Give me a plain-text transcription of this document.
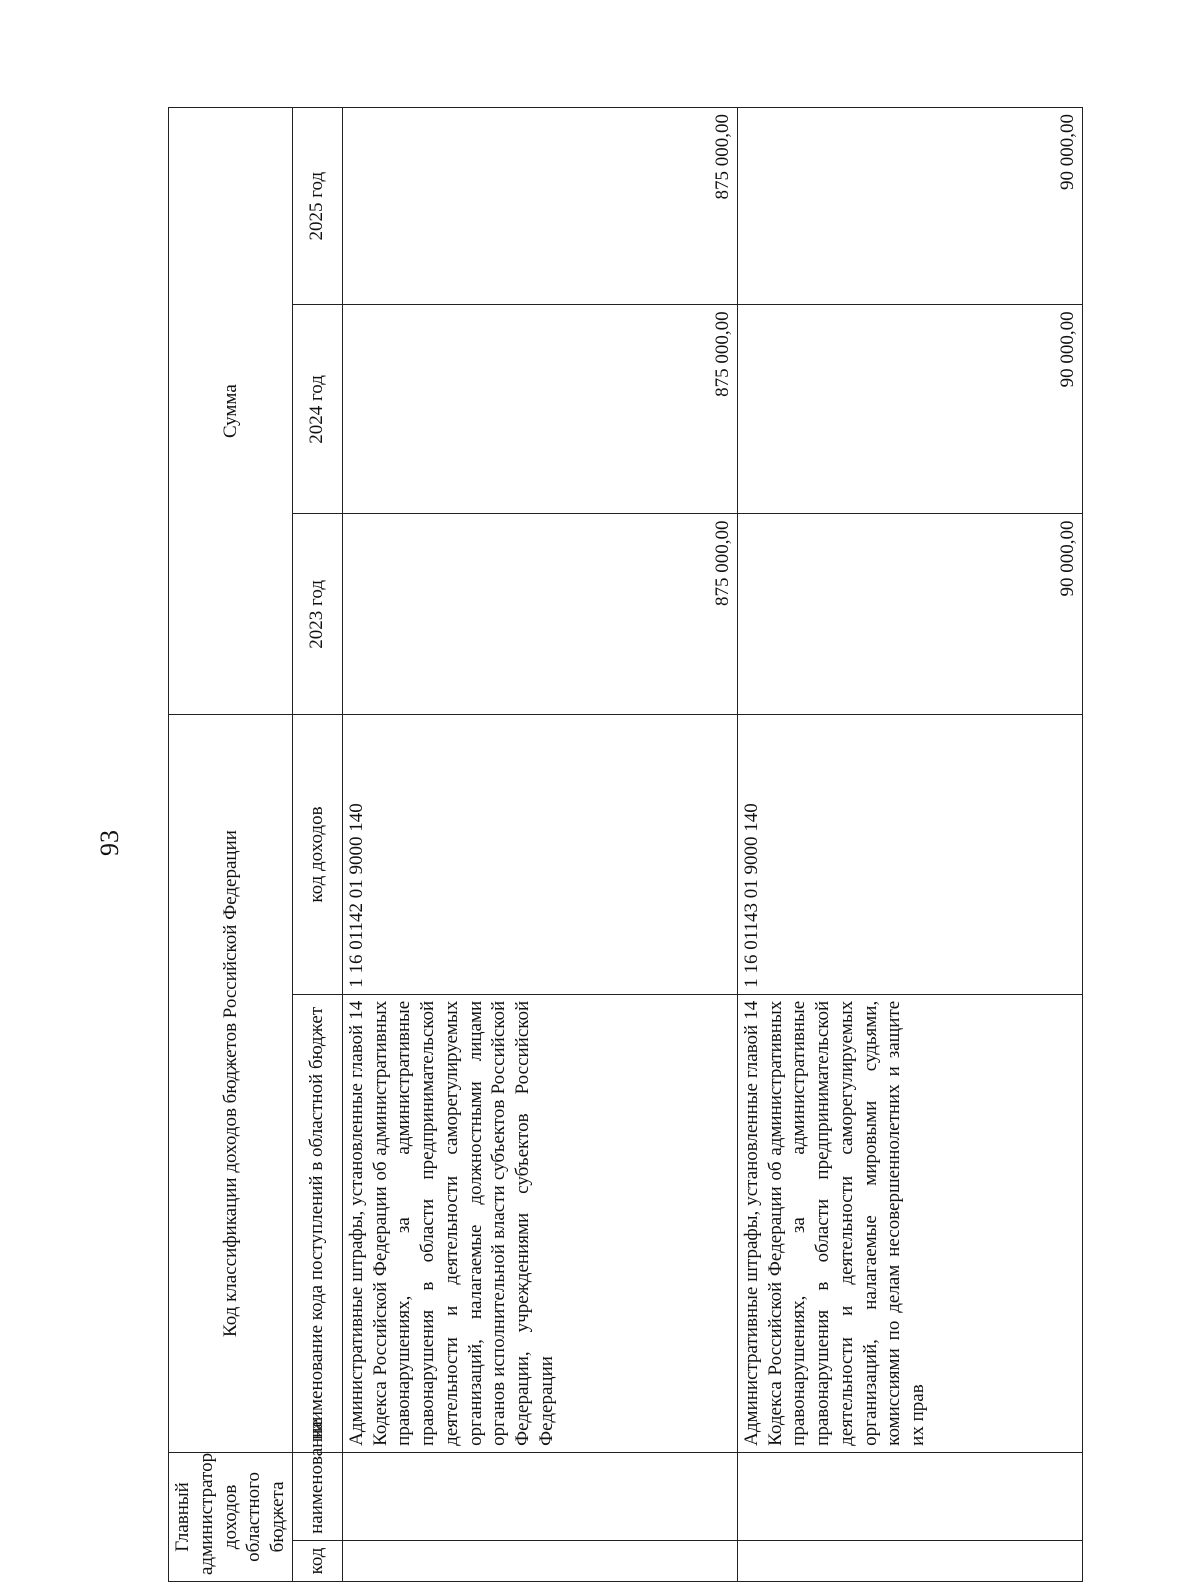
93
Главный администратор доходов областного бюджета		Код классификации доходов бюджетов Российской Федерации		Сумма		
код	наименование	наименование кода поступлений в областной бюджет	код доходов	2023 год	2024 год	2025 год
		Административные штрафы, установленные главой 14 Кодекса Российской Федерации об административных правонарушениях, за административные правонарушения в области предпринимательской деятельности и деятельности саморегулируемых организаций, налагаемые должностными лицами органов исполнительной власти субъектов Российской Федерации, учреждениями субъектов Российской Федерации	1 16 01142 01 9000 140	875 000,00	875 000,00	875 000,00
		Административные штрафы, установленные главой 14 Кодекса Российской Федерации об административных правонарушениях, за административные правонарушения в области предпринимательской деятельности и деятельности саморегулируемых организаций, налагаемые мировыми судьями, комиссиями по делам несовершеннолетних и защите их прав	1 16 01143 01 9000 140	90 000,00	90 000,00	90 000,00
